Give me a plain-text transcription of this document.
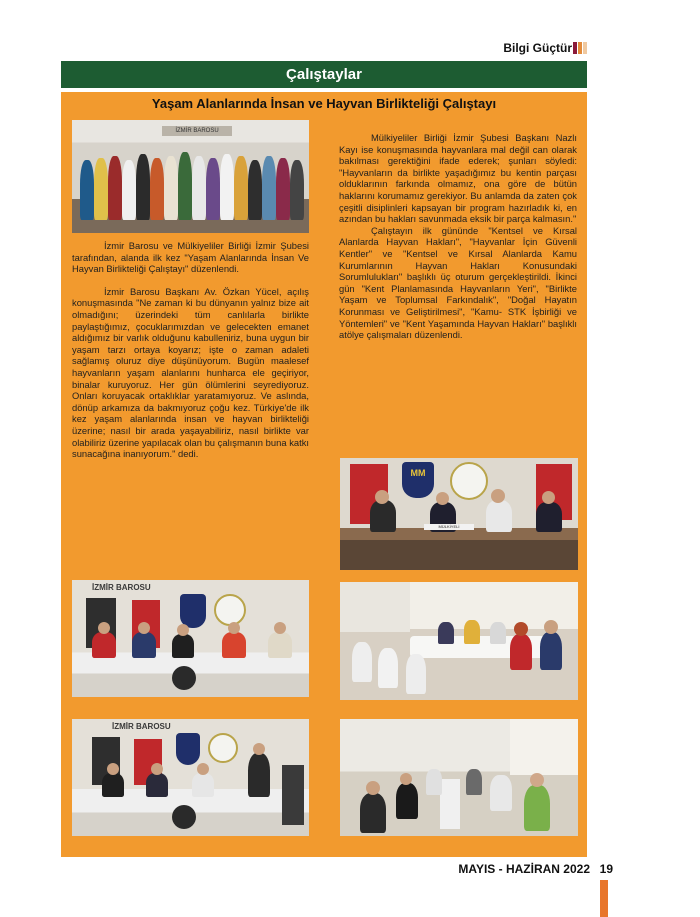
Bilgi Güçtür
Çalıştaylar
Yaşam Alanlarında İnsan ve Hayvan Birlikteliği Çalıştayı
İZMİR BAROSU

İzmir Barosu ve Mülkiyeliler Birliği İzmir Şubesi tarafından, alanda ilk kez "Yaşam Alanlarında İnsan Ve Hayvan Birlikteliği Çalıştayı" düzenlendi.

İzmir Barosu Başkanı Av. Özkan Yücel, açılış konuşmasında "Ne zaman ki bu dünyanın yalnız bize ait olmadığını; üzerindeki tüm canlılarla birlikte paylaştığımız, çocuklarımızdan ve gelecekten emanet aldığımız bir varlık olduğunu kabulleniriz, buna uygun bir yaşam tarzı ortaya koyarız; işte o zaman adaleti sağlamış oluruz diye düşünüyorum. Bugün maalesef hayvanların yaşam alanlarını hunharca ele geçiriyor, binalar kuruyoruz. Her gün ölümlerini seyrediyoruz. Onları koruyacak ortaklıklar yaratamıyoruz. Ve aslında, dönüp arkamıza da bakmıyoruz çoğu kez. Türkiye'de ilk kez yaşam alanlarında insan ve hayvan birlikteliği üzerine; nasıl bir arada yaşayabiliriz, nasıl birlikte var olabiliriz üzerine yapılacak olan bu çalışmanın buna katkı sunacağına inanıyorum." dedi.

Mülkiyeliler Birliği İzmir Şubesi Başkanı Nazlı Kayı ise konuşmasında hayvanlara mal değil can olarak bakılması gerektiğini ifade ederek; şunları söyledi: "Hayvanların da birlikte yaşadığımız bu kentin parçası olduklarının farkında olmamız, ona göre de bütün haklarını korumamız gerekiyor. Bu anlamda da zaten çok çeşitli disiplinleri kapsayan bir program hazırladık ki, en azından bu hakları savunmada eksik bir parça kalmasın."

Çalıştayın ilk gününde "Kentsel ve Kırsal Alanlarda Hayvan Hakları", "Hayvanlar İçin Güvenli Kentler" ve "Kentsel ve Kırsal Alanlarda Kamu Kurumlarının Hayvan Hakları Konusundaki Sorumlulukları" başlıklı üç oturum gerçekleştirildi. İkinci gün "Kent Planlamasında Hayvanların Yeri", "Birlikte Yaşam ve Toplumsal Farkındalık", "Doğal Hayatın Korunması ve Geliştirilmesi", "Kamu- STK İşbirliği ve Yöntemleri" ve "Kent Yaşamında Hayvan Hakları" başlıklı atölye çalışmaları düzenlendi.

MM
MÜLKİYELİ
İZMİR BAROSU
İZMİR BAROSU
MAYIS - HAZİRAN 2022 19
